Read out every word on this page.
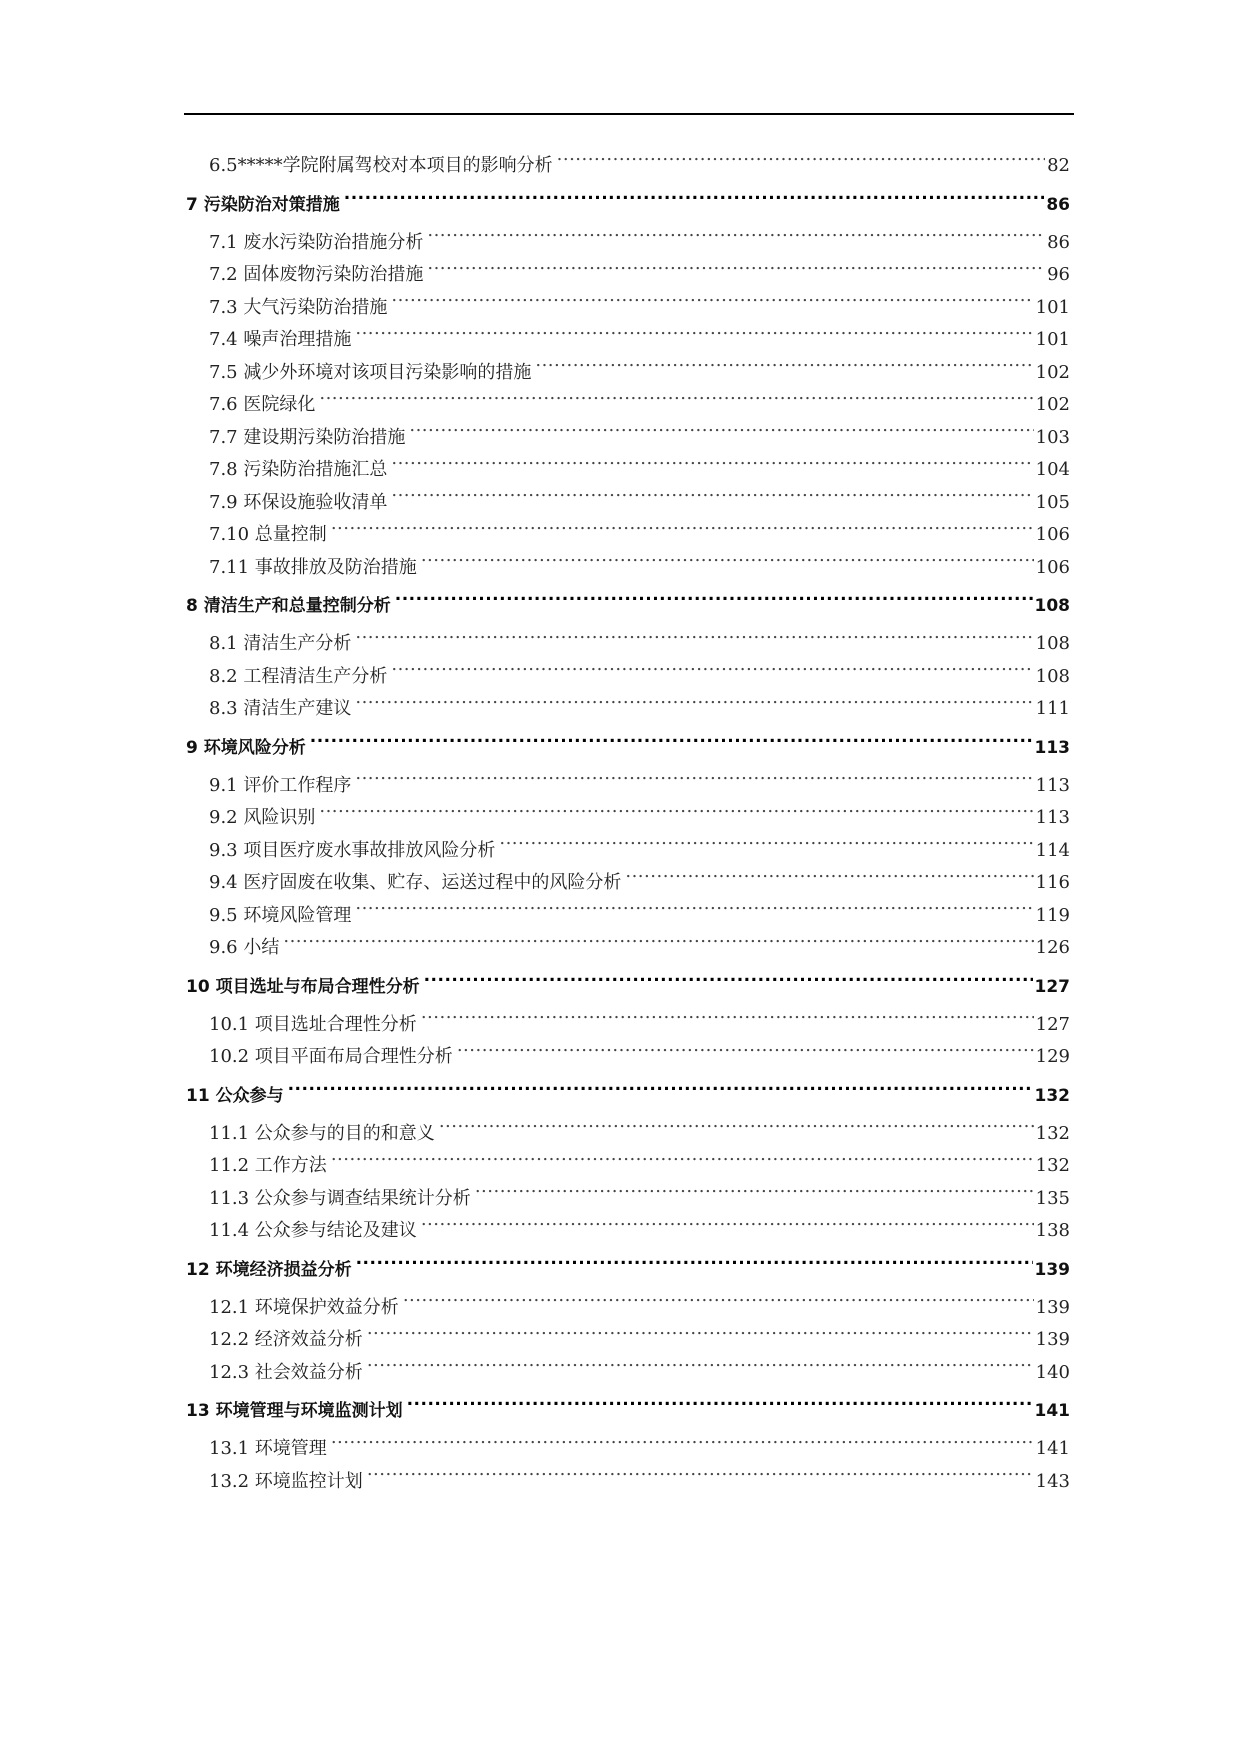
6.5*****学院附属驾校对本项目的影响分析 .....	82
7 污染防治对策措施 .....	86
7.1 废水污染防治措施分析 .....	86
7.2 固体废物污染防治措施 .....	96
7.3 大气污染防治措施 .....	101
7.4 噪声治理措施 .....	101
7.5 减少外环境对该项目污染影响的措施 .....	102
7.6 医院绿化 .....	102
7.7 建设期污染防治措施 .....	103
7.8 污染防治措施汇总 .....	104
7.9 环保设施验收清单 .....	105
7.10 总量控制 .....	106
7.11 事故排放及防治措施 .....	106
8 清洁生产和总量控制分析 .....	108
8.1 清洁生产分析 .....	108
8.2 工程清洁生产分析 .....	108
8.3 清洁生产建议 .....	111
9 环境风险分析 .....	113
9.1 评价工作程序 .....	113
9.2 风险识别 .....	113
9.3 项目医疗废水事故排放风险分析 .....	114
9.4 医疗固废在收集、贮存、运送过程中的风险分析 .....	116
9.5 环境风险管理 .....	119
9.6 小结 .....	126
10 项目选址与布局合理性分析 .....	127
10.1 项目选址合理性分析 .....	127
10.2 项目平面布局合理性分析 .....	129
11 公众参与 .....	132
11.1 公众参与的目的和意义 .....	132
11.2 工作方法 .....	132
11.3 公众参与调查结果统计分析 .....	135
11.4 公众参与结论及建议 .....	138
12 环境经济损益分析 .....	139
12.1 环境保护效益分析 .....	139
12.2 经济效益分析 .....	139
12.3 社会效益分析 .....	140
13 环境管理与环境监测计划 .....	141
13.1 环境管理 .....	141
13.2 环境监控计划 .....	143
